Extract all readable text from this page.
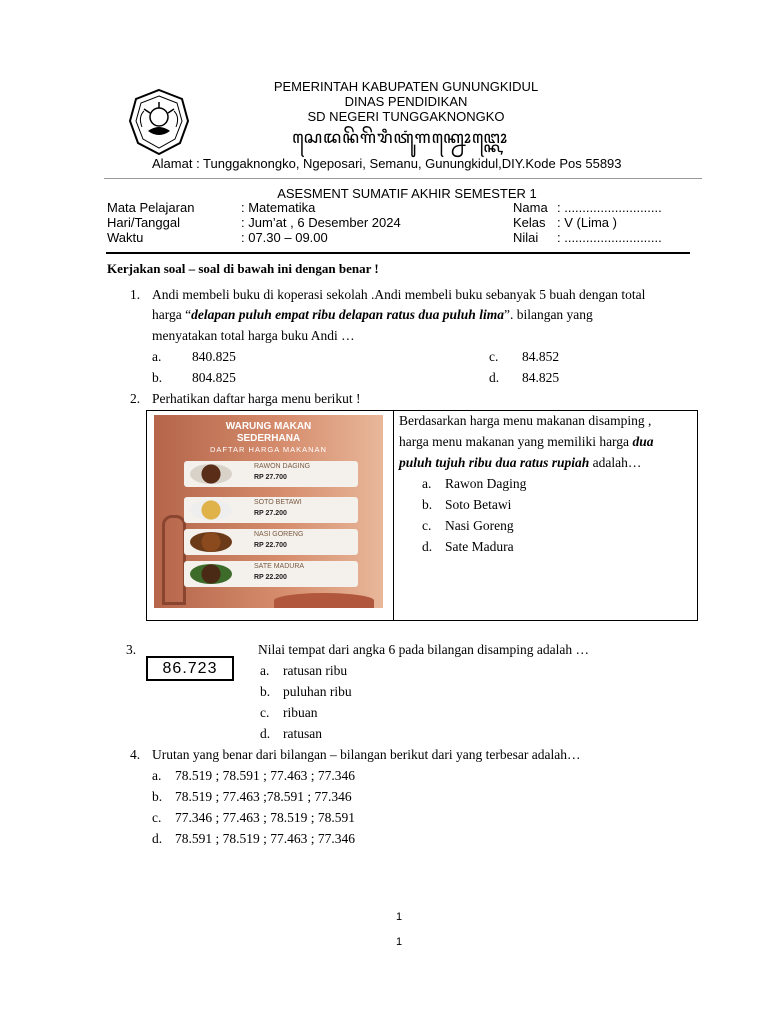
PEMERINTAH KABUPATEN GUNUNGKIDUL
DINAS PENDIDIKAN
SD NEGERI TUNGGAKNONGKO
ꦱꦺꦢꦤꦼꦒꦼꦫꦶꦠꦸꦁꦒꦏ꧀ꦤꦺꦴꦔ꧀ꦏꦺꦴ
Alamat : Tunggaknongko, Ngeposari, Semanu, Gunungkidul,DIY.Kode Pos 55893
ASESMENT SUMATIF AKHIR SEMESTER 1
Mata Pelajaran	: Matematika
Hari/Tanggal	: Jum’at , 6 Desember 2024
Waktu	: 07.30 – 09.00
Nama : ...........................
Kelas : V (Lima )
Nilai : ...........................
Kerjakan soal – soal di bawah ini dengan benar !
1. Andi membeli buku di koperasi sekolah .Andi membeli buku sebanyak 5 buah dengan total
harga “delapan puluh empat ribu delapan ratus dua puluh lima”. bilangan yang
menyatakan total harga buku Andi …
a. 840.825
b. 804.825
c. 84.852
d. 84.825
2. Perhatikan daftar harga menu berikut !
WARUNG MAKAN
SEDERHANA
DAFTAR HARGA MAKANAN
RAWON DAGING
RP 27.700
SOTO BETAWI
RP 27.200
NASI GORENG
RP 22.700
SATE MADURA
RP 22.200
Berdasarkan harga menu makanan disamping ,
harga menu makanan yang memiliki harga dua
puluh tujuh ribu dua ratus rupiah adalah…
a. Rawon Daging
b. Soto Betawi
c. Nasi Goreng
d. Sate Madura
3.
86.723
Nilai tempat dari angka 6 pada bilangan disamping adalah …
a. ratusan ribu
b. puluhan ribu
c. ribuan
d. ratusan
4. Urutan yang benar dari bilangan – bilangan berikut dari yang terbesar adalah…
a. 78.519 ; 78.591 ; 77.463 ; 77.346
b. 78.519 ; 77.463 ;78.591 ; 77.346
c. 77.346 ; 77.463 ; 78.519 ; 78.591
d. 78.591 ; 78.519 ; 77.463 ; 77.346
1
1
